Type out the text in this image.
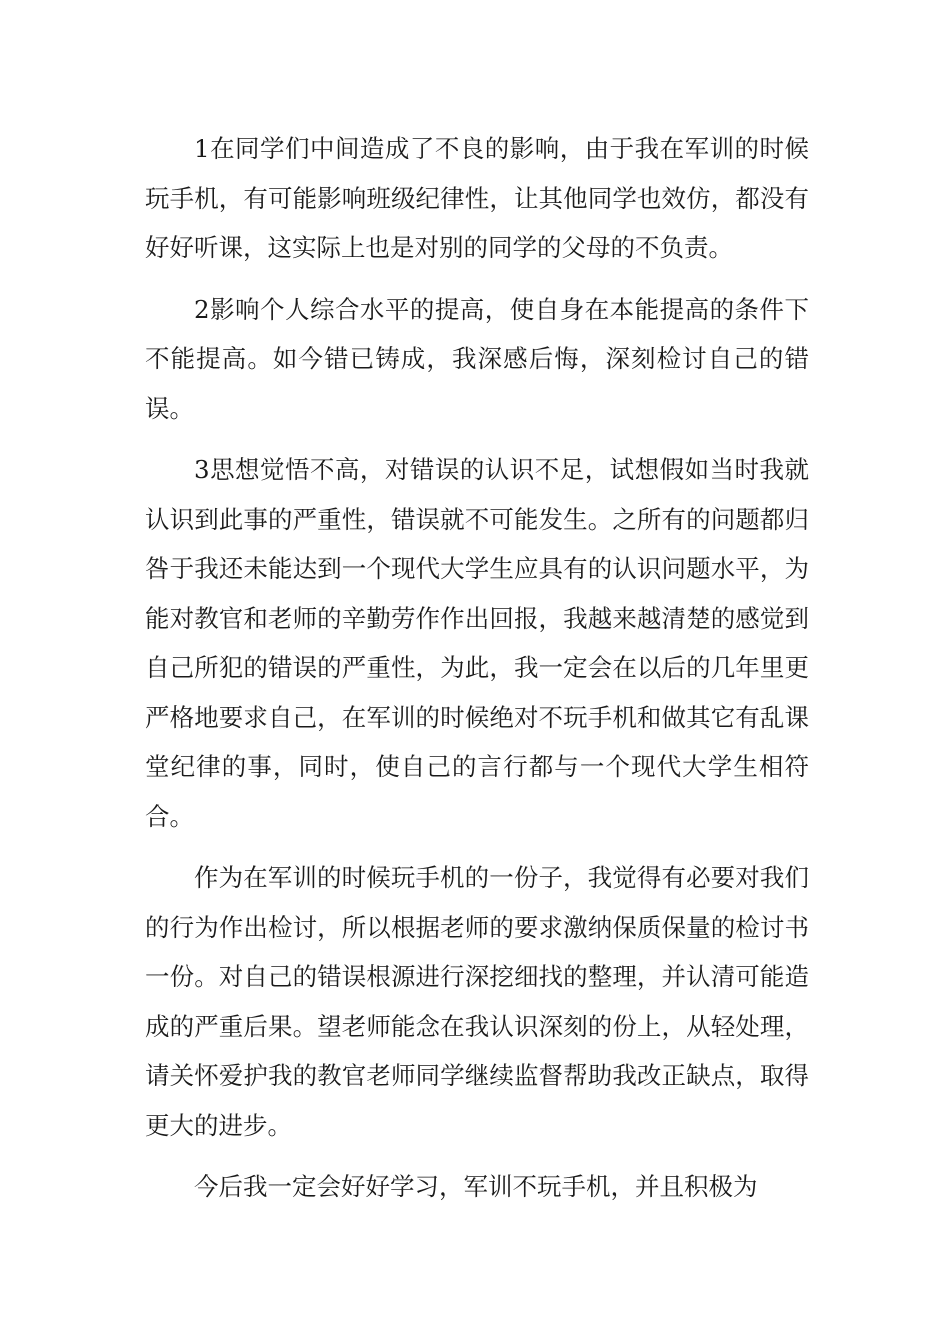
1在同学们中间造成了不良的影响，由于我在军训的时候玩手机，有可能影响班级纪律性，让其他同学也效仿，都没有好好听课，这实际上也是对别的同学的父母的不负责。

2影响个人综合水平的提高，使自身在本能提高的条件下不能提高。如今错已铸成，我深感后悔，深刻检讨自己的错误。

3思想觉悟不高，对错误的认识不足，试想假如当时我就认识到此事的严重性，错误就不可能发生。之所有的问题都归咎于我还未能达到一个现代大学生应具有的认识问题水平，为能对教官和老师的辛勤劳作作出回报，我越来越清楚的感觉到自己所犯的错误的严重性，为此，我一定会在以后的几年里更严格地要求自己，在军训的时候绝对不玩手机和做其它有乱课堂纪律的事，同时，使自己的言行都与一个现代大学生相符合。

作为在军训的时候玩手机的一份子，我觉得有必要对我们的行为作出检讨，所以根据老师的要求激纳保质保量的检讨书一份。对自己的错误根源进行深挖细找的整理，并认清可能造成的严重后果。望老师能念在我认识深刻的份上，从轻处理，请关怀爱护我的教官老师同学继续监督帮助我改正缺点，取得更大的进步。

今后我一定会好好学习，军训不玩手机，并且积极为
